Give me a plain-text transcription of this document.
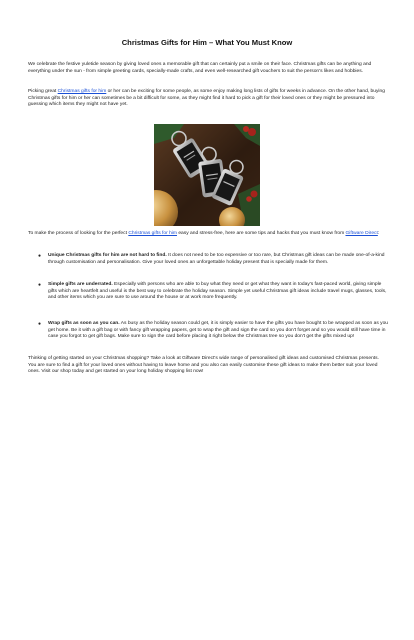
Christmas Gifts for Him – What You Must Know

We celebrate the festive yuletide season by giving loved ones a memorable gift that can certainly put a smile on their face. Christmas gifts can be anything and everything under the sun - from simple greeting cards, specially-made crafts, and even well-researched gift vouchers to suit the person's likes and hobbies.

Picking great Christmas gifts for him or her can be exciting for some people, as some enjoy making long lists of gifts for weeks in advance. On the other hand, buying Christmas gifts for him or her can sometimes be a bit difficult for some, as they might find it hard to pick a gift for their loved ones or they might be pressured into guessing which items they might not have yet.

To make the process of looking for the perfect Christmas gifts for him easy and stress-free, here are some tips and hacks that you must know from Giftware Direct:

● Unique Christmas gifts for him are not hard to find. It does not need to be too expensive or too rare, but Christmas gift ideas can be made one-of-a-kind through customisation and personalisation. Give your loved ones an unforgettable holiday present that is specially made for them.
● Simple gifts are underrated. Especially with persons who are able to buy what they need or get what they want in today's fast-paced world, giving simple gifts which are heartfelt and useful is the best way to celebrate the holiday season. Simple yet useful Christmas gift ideas include travel mugs, glasses, tools, and other items which you are sure to use around the house or at work more frequently.
● Wrap gifts as soon as you can. As busy as the holiday season could get, it is simply easier to have the gifts you have bought to be wrapped as soon as you get home. Be it with a gift bag or with fancy gift wrapping papers, get to wrap the gift and sign the card so you don't forget and so you would still have time in case you forgot to get gift bags. Make sure to sign the card before placing it right below the Christmas tree so you don't get the gifts mixed up!

Thinking of getting started on your Christmas shopping? Take a look at Giftware Direct's wide range of personalised gift ideas and customised Christmas presents. You are sure to find a gift for your loved ones without having to leave home and you also can easily customise these gift ideas to make them better suit your loved ones. Visit our shop today and get started on your long holiday shopping list now!
